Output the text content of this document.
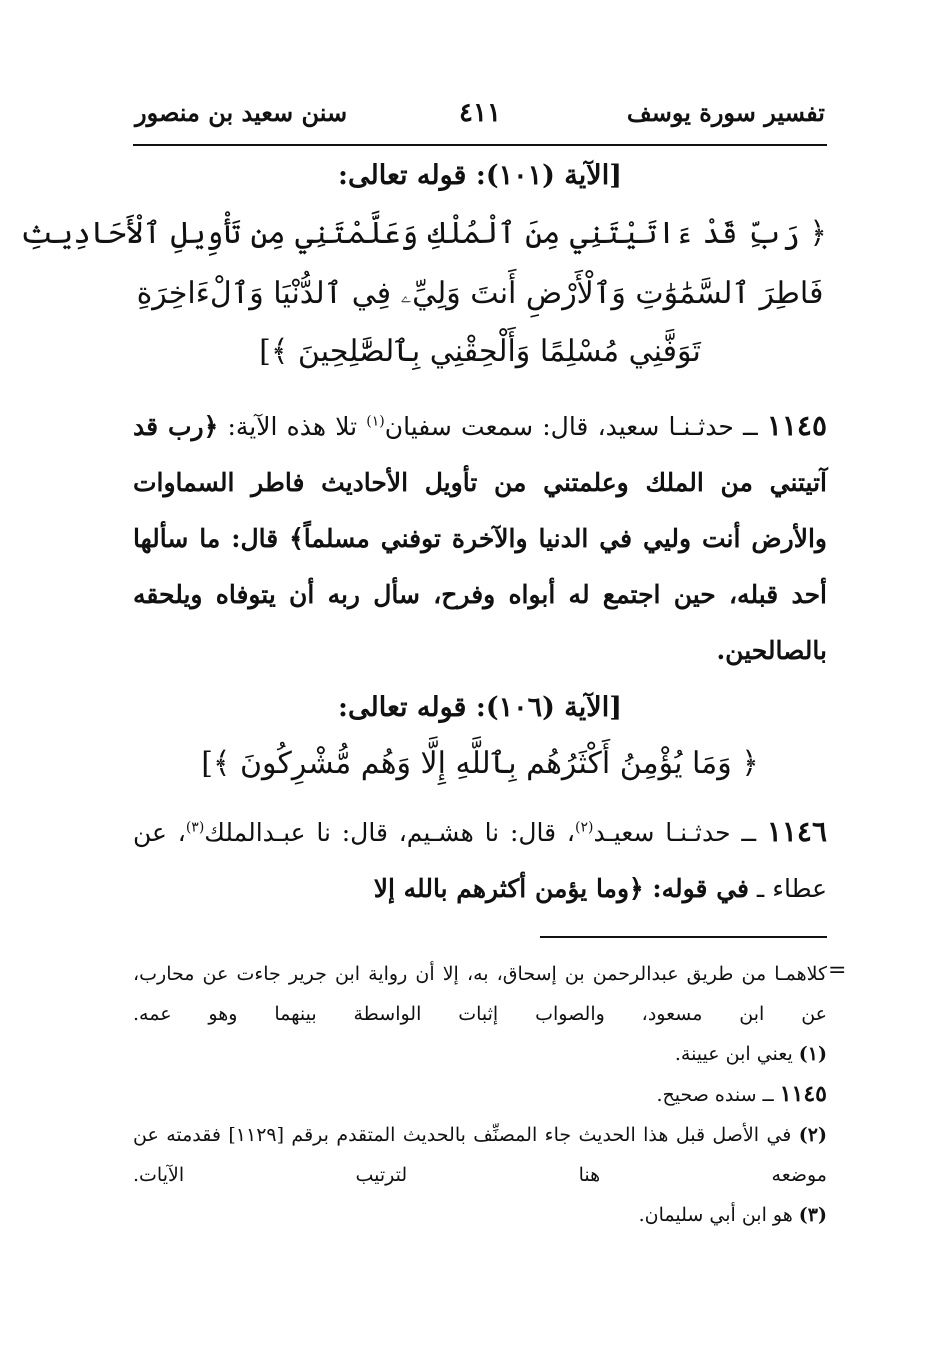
تفسير سورة يوسف
٤١١
سنن سعيد بن منصور
[الآية (١٠١): قوله تعالى:
﴿ رَبِّ قَدْ ءَاتَيْتَنِي مِنَ ٱلْمُلْكِ وَعَلَّمْتَنِي مِن تَأْوِيلِ ٱلْأَحَادِيثِ
فَاطِرَ ٱلسَّمَٰوَٰتِ وَٱلْأَرْضِ أَنتَ وَلِيِّۦ فِي ٱلدُّنْيَا وَٱلْءَاخِرَةِ
تَوَفَّنِي مُسْلِمًا وَأَلْحِقْنِي بِٱلصَّٰلِحِينَ ﴾]
١١٤٥ ــ حدثـنـا سعيد، قال: سمعت سفيان$^{(١)}$ تلا هذه الآية: ﴿رب قد آتيتني من الملك وعلمتني من تأويل الأحاديث فاطر السماوات والأرض أنت وليي في الدنيا والآخرة توفني مسلماً﴾ قال: ما سألها أحد قبله، حين اجتمع له أبواه وفرح، سأل ربه أن يتوفاه ويلحقه بالصالحين.
[الآية (١٠٦): قوله تعالى:
﴿ وَمَا يُؤْمِنُ أَكْثَرُهُم بِٱللَّهِ إِلَّا وَهُم مُّشْرِكُونَ ﴾]
١١٤٦ ــ حدثـنـا سعيـد$^{(٢)}$، قال: نا هشـيم، قال: نا عبـدالملك$^{(٣)}$، عن عطاء ـ في قوله: ﴿وما يؤمن أكثرهم بالله إلا
=
كلاهمـا من طريق عبدالرحمن بن إسحاق، به، إلا أن رواية ابن جرير جاءت عن محارب، عن ابن مسعود، والصواب إثبات الواسطة بينهما وهو عمه.
(١) يعني ابن عيينة.
١١٤٥ ــ سنده صحيح.
(٢) في الأصل قبل هذا الحديث جاء المصنِّف بالحديث المتقدم برقم [١١٢٩] فقدمته عن موضعه هنا لترتيب الآيات.
(٣) هو ابن أبي سليمان.
